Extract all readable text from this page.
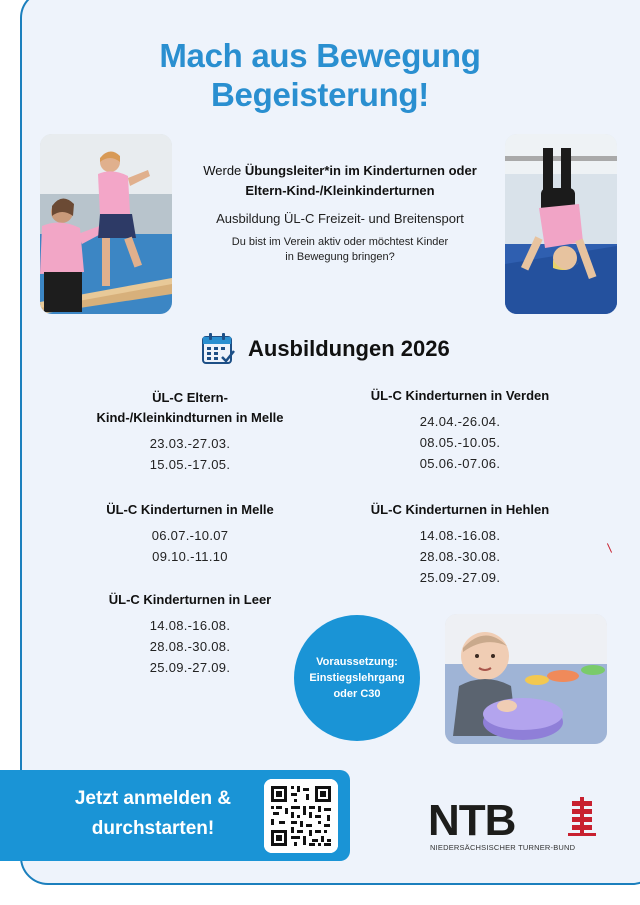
Mach aus Bewegung
Begeisterung!
Werde Übungsleiter*in im Kinderturnen oder
Eltern-Kind-/Kleinkinderturnen
Ausbildung ÜL-C Freizeit- und Breitensport
Du bist im Verein aktiv oder möchtest Kinder
in Bewegung bringen?
Ausbildungen 2026
ÜL-C Eltern-
Kind-/Kleinkindturnen in Melle
23.03.-27.03.
15.05.-17.05.
ÜL-C Kinderturnen in Verden
24.04.-26.04.
08.05.-10.05.
05.06.-07.06.
ÜL-C Kinderturnen in Melle
06.07.-10.07
09.10.-11.10
ÜL-C Kinderturnen in Hehlen
14.08.-16.08.
28.08.-30.08.
25.09.-27.09.
ÜL-C Kinderturnen in Leer
14.08.-16.08.
28.08.-30.08.
25.09.-27.09.	Voraussetzung:
Einstiegslehrgang
oder C30
Jetzt anmelden &
durchstarten!	NTB
NIEDERSÄCHSISCHER TURNER-BUND
